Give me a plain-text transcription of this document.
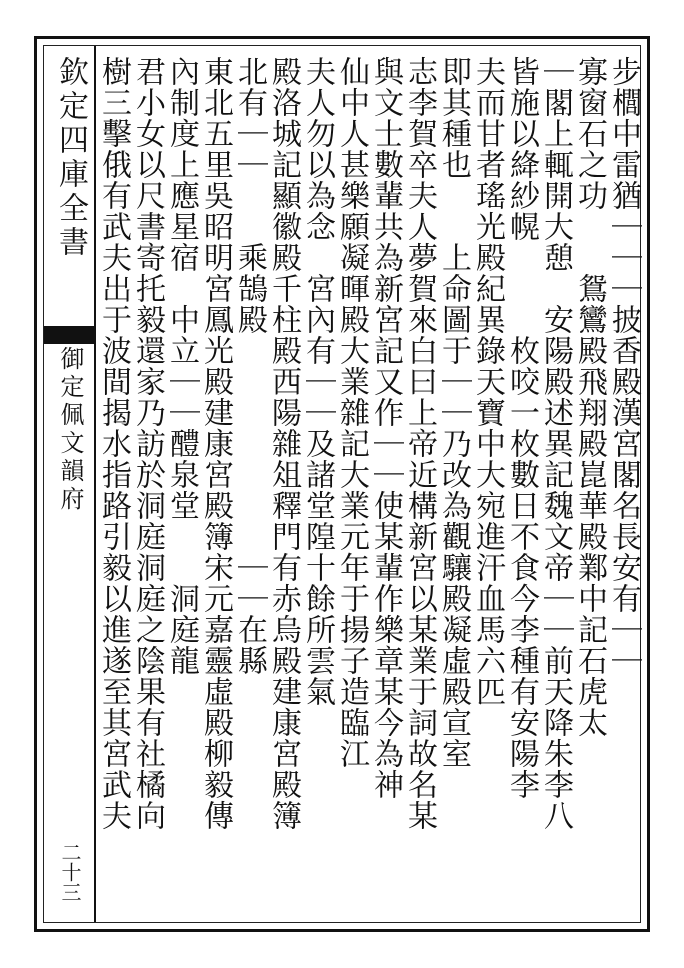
欽定四庫全書
御定佩文韻府
二十三
步櫚中雷猶｜｜｜披香殿漢宮閣名長安有｜｜
寡窗石之功　　鴛鸞殿飛翔殿崑華殿鄴中記石虎太
｜閣上輒開大憩　安陽殿述異記魏文帝｜｜前天降朱李八
皆施以絳紗幌　　　枚咬一枚數日不食今李種有安陽李
夫而甘者瑤光殿紀異錄天寶中大宛進汗血馬六匹
即其種也　　上命圖于｜｜乃改為觀驤殿凝虛殿宣室
志李賀卒夫人夢賀來白曰上帝近構新宮以某業于詞故名某
與文士數輩共為新宮記又作｜｜使某輩作樂章某今為神
仙中人甚樂願凝暉殿大業雜記大業元年于揚子造臨江
夫人勿以為念　宮內有｜｜及諸堂隍十餘所雲氣
殿洛城記顯徽殿千柱殿西陽雜俎釋門有赤烏殿建康宮殿簿
北有｜｜　　乘鵠殿　　　　　　　｜｜在縣
東北五里吳昭明宮鳳光殿建康宮殿簿宋元嘉靈虛殿柳毅傳
內制度上應星宿　中立｜｜醴泉堂　　洞庭龍
君小女以尺書寄托毅還家乃訪於洞庭洞庭之陰果有社橘向
樹三擊俄有武夫出于波間揭水指路引毅以進遂至其宮武夫
